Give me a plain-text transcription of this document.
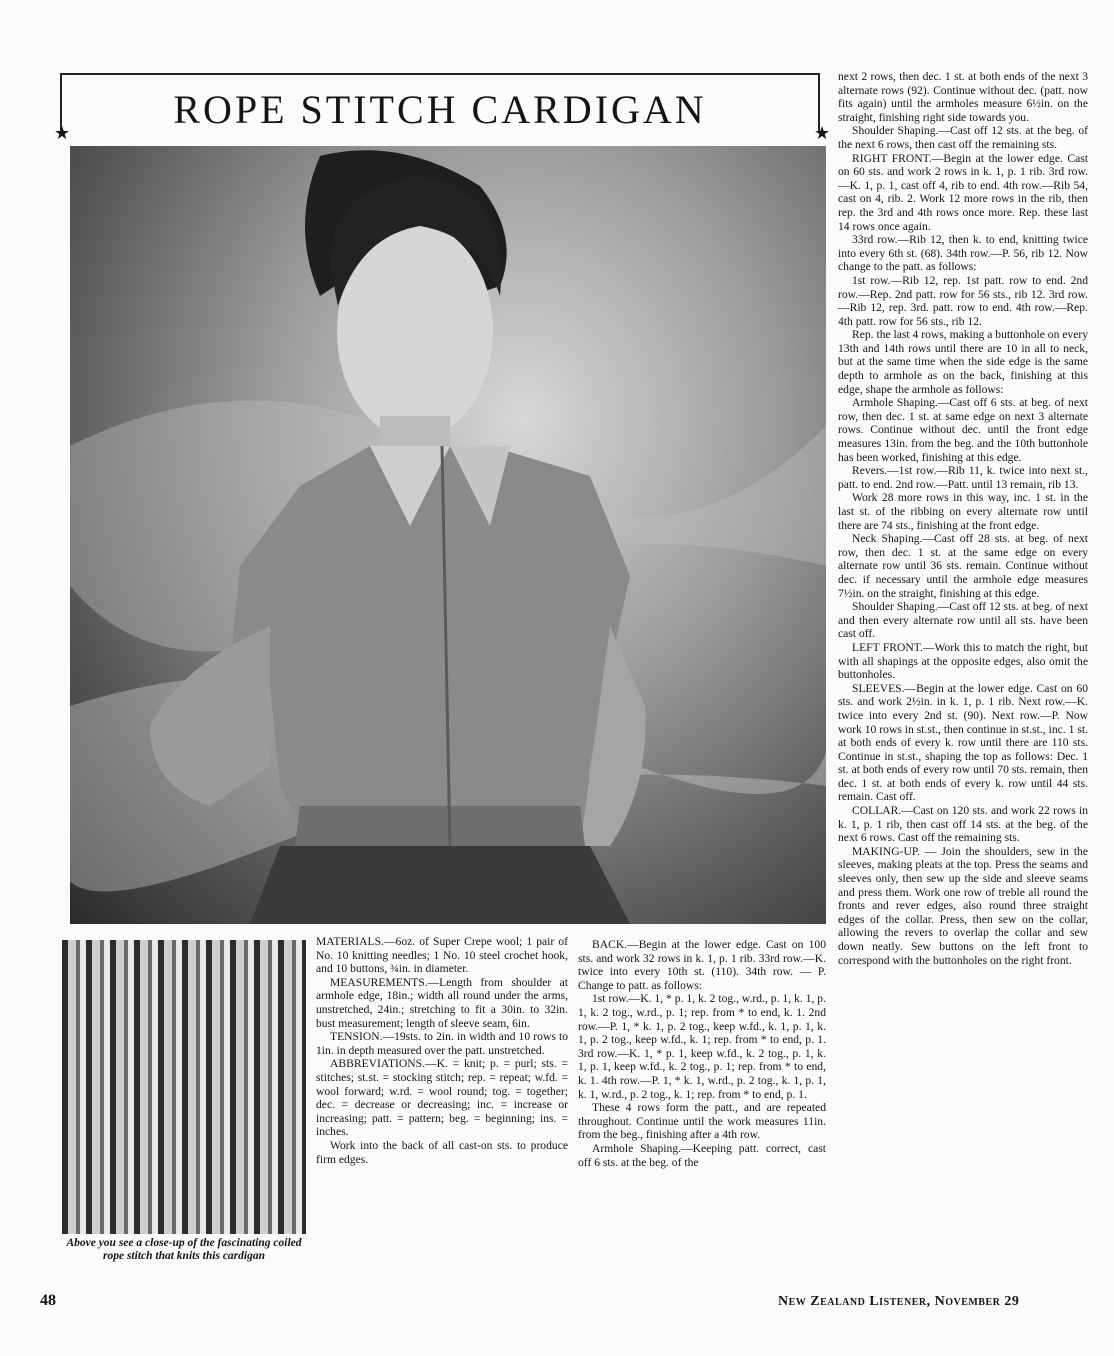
ROPE STITCH CARDIGAN
★	★
Above you see a close-up of the fascinating coiled rope stitch that knits this cardigan

MATERIALS.—6oz. of Super Crepe wool; 1 pair of No. 10 knitting needles; 1 No. 10 steel crochet hook, and 10 buttons, ¾in. in diameter.

MEASUREMENTS.—Length from shoulder at armhole edge, 18in.; width all round under the arms, unstretched, 24in.; stretching to fit a 30in. to 32in. bust measurement; length of sleeve seam, 6in.

TENSION.—19sts. to 2in. in width and 10 rows to 1in. in depth measured over the patt. unstretched.

ABBREVIATIONS.—K. = knit; p. = purl; sts. = stitches; st.st. = stocking stitch; rep. = repeat; w.fd. = wool forward; w.rd. = wool round; tog. = together; dec. = decrease or decreasing; inc. = increase or increasing; patt. = pattern; beg. = beginning; ins. = inches.

Work into the back of all cast-on sts. to produce firm edges.

BACK.—Begin at the lower edge. Cast on 100 sts. and work 32 rows in k. 1, p. 1 rib. 33rd row.—K. twice into every 10th st. (110). 34th row. — P. Change to patt. as follows:

1st row.—K. 1, * p. 1, k. 2 tog., w.rd., p. 1, k. 1, p. 1, k. 2 tog., w.rd., p. 1; rep. from * to end, k. 1. 2nd row.—P. 1, * k. 1, p. 2 tog., keep w.fd., k. 1, p. 1, k. 1, p. 2 tog., keep w.fd., k. 1; rep. from * to end, p. 1. 3rd row.—K. 1, * p. 1, keep w.fd., k. 2 tog., p. 1, k. 1, p. 1, keep w.fd., k. 2 tog., p. 1; rep. from * to end, k. 1. 4th row.—P. 1, * k. 1, w.rd., p. 2 tog., k. 1, p. 1, k. 1, w.rd., p. 2 tog., k. 1; rep. from * to end, p. 1.

These 4 rows form the patt., and are repeated throughout. Continue until the work measures 11in. from the beg., finishing after a 4th row.

Armhole Shaping.—Keeping patt. correct, cast off 6 sts. at the beg. of the

next 2 rows, then dec. 1 st. at both ends of the next 3 alternate rows (92). Continue without dec. (patt. now fits again) until the armholes measure 6½in. on the straight, finishing right side towards you.

Shoulder Shaping.—Cast off 12 sts. at the beg. of the next 6 rows, then cast off the remaining sts.

RIGHT FRONT.—Begin at the lower edge. Cast on 60 sts. and work 2 rows in k. 1, p. 1 rib. 3rd row.—K. 1, p. 1, cast off 4, rib to end. 4th row.—Rib 54, cast on 4, rib. 2. Work 12 more rows in the rib, then rep. the 3rd and 4th rows once more. Rep. these last 14 rows once again.

33rd row.—Rib 12, then k. to end, knitting twice into every 6th st. (68). 34th row.—P. 56, rib 12. Now change to the patt. as follows:

1st row.—Rib 12, rep. 1st patt. row to end. 2nd row.—Rep. 2nd patt. row for 56 sts., rib 12. 3rd row.—Rib 12, rep. 3rd. patt. row to end. 4th row.—Rep. 4th patt. row for 56 sts., rib 12.

Rep. the last 4 rows, making a buttonhole on every 13th and 14th rows until there are 10 in all to neck, but at the same time when the side edge is the same depth to armhole as on the back, finishing at this edge, shape the armhole as follows:

Armhole Shaping.—Cast off 6 sts. at beg. of next row, then dec. 1 st. at same edge on next 3 alternate rows. Continue without dec. until the front edge measures 13in. from the beg. and the 10th buttonhole has been worked, finishing at this edge.

Revers.—1st row.—Rib 11, k. twice into next st., patt. to end. 2nd row.—Patt. until 13 remain, rib 13.

Work 28 more rows in this way, inc. 1 st. in the last st. of the ribbing on every alternate row until there are 74 sts., finishing at the front edge.

Neck Shaping.—Cast off 28 sts. at beg. of next row, then dec. 1 st. at the same edge on every alternate row until 36 sts. remain. Continue without dec. if necessary until the armhole edge measures 7½in. on the straight, finishing at this edge.

Shoulder Shaping.—Cast off 12 sts. at beg. of next and then every alternate row until all sts. have been cast off.

LEFT FRONT.—Work this to match the right, but with all shapings at the opposite edges, also omit the buttonholes.

SLEEVES.—Begin at the lower edge. Cast on 60 sts. and work 2½in. in k. 1, p. 1 rib. Next row.—K. twice into every 2nd st. (90). Next row.—P. Now work 10 rows in st.st., then continue in st.st., inc. 1 st. at both ends of every k. row until there are 110 sts. Continue in st.st., shaping the top as follows: Dec. 1 st. at both ends of every row until 70 sts. remain, then dec. 1 st. at both ends of every k. row until 44 sts. remain. Cast off.

COLLAR.—Cast on 120 sts. and work 22 rows in k. 1, p. 1 rib, then cast off 14 sts. at the beg. of the next 6 rows. Cast off the remaining sts.

MAKING-UP. — Join the shoulders, sew in the sleeves, making pleats at the top. Press the seams and sleeves only, then sew up the side and sleeve seams and press them. Work one row of treble all round the fronts and rever edges, also round three straight edges of the collar. Press, then sew on the collar, allowing the revers to overlap the collar and sew down neatly. Sew buttons on the left front to correspond with the buttonholes on the right front.

48	New Zealand Listener, November 29
